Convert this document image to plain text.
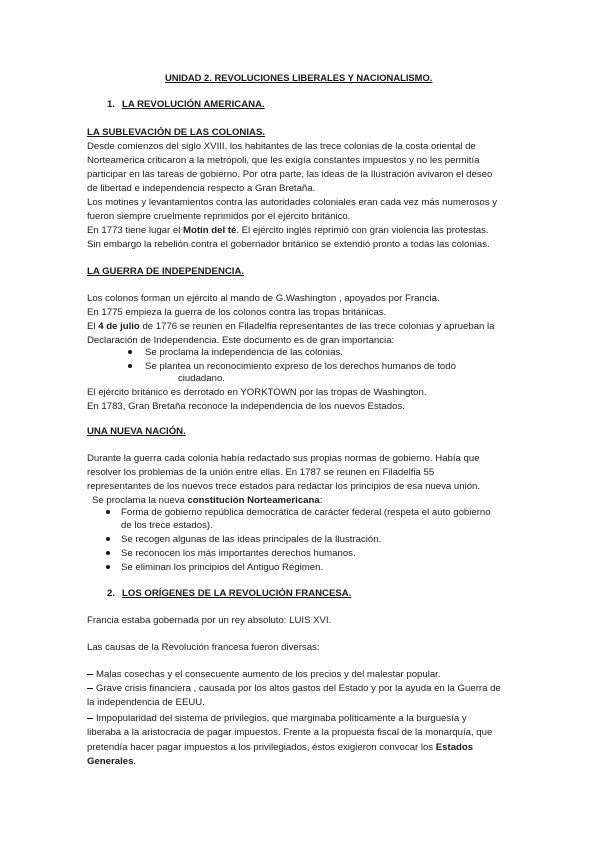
UNIDAD 2. REVOLUCIONES LIBERALES Y NACIONALISMO.
1. LA REVOLUCIÓN AMERICANA.
LA SUBLEVACIÓN DE LAS COLONIAS.
Desde comienzos del siglo XVIII, los habitantes de las trece colonias de la costa oriental de
Norteamérica criticaron a la metrópoli, que les exigía constantes impuestos y no les permitía
participar en las tareas de gobierno. Por otra parte, las ideas de la Ilustración avivaron el deseo
de libertad e independencia respecto a Gran Bretaña.
Los motines y levantamientos contra las autoridades coloniales eran cada vez más numerosos y
fueron siempre cruelmente reprimidos por el ejército británico.
En 1773 tiene lugar el Motín del té. El ejército inglés reprimió con gran violencia las protestas.
Sin embargo la rebelión contra el gobernador británico se extendió pronto a todas las colonias.
LA GUERRA DE INDEPENDENCIA.
Los colonos forman un ejército al mando de G.Washington , apoyados por Francia.
En 1775 empieza la guerra de los colonos contra las tropas británicas.
El 4 de julio de 1776 se reunen en Filadelfia representantes de las trece colonias y aprueban la
Declaración de Independencia. Este documento es de gran importancia:
Se proclama la independencia de las colonias.
Se plantea un reconocimiento expreso de los derechos humanos de todo
ciudadano.
El ejército británico es derrotado en YORKTOWN por las tropas de Washington.
En 1783, Gran Bretaña reconoce la independencia de los nuevos Estados.
UNA NUEVA NACIÓN.
Durante la guerra cada colonia había redactado sus propias normas de gobierno. Había que
resolver los problemas de la unión entre ellas. En 1787 se reunen en Filadelfia 55
representantes de los nuevos trece estados para redactar los principios de esa nueva unión.
Se proclama la nueva constitución Norteamericana:
Forma de gobierno república democrática de carácter federal (respeta el auto gobierno
de los trece estados).
Se recogen algunas de las ideas principales de la Ilustración.
Se reconocen los más importantes derechos humanos.
Se eliminan los principios del Antiguo Régimen.
2. LOS ORÍGENES DE LA REVOLUCIÓN FRANCESA.
Francia estaba gobernada por un rey absoluto: LUIS XVI.
Las causas de la Revolución francesa fueron diversas:
Malas cosechas y el consecuente aumento de los precios y del malestar popular.
Grave crisis financiera , causada por los altos gastos del Estado y por la ayuda en la Guerra de
la independencia de EEUU.
Impopularidad del sistema de privilegios, que marginaba políticamente a la burguesía y
liberaba a la aristocracia de pagar impuestos. Frente a la propuesta fiscal de la monarquía, que
pretendía hacer pagar impuestos a los privilegiados, éstos exigieron convocar los Estados
Generales.
